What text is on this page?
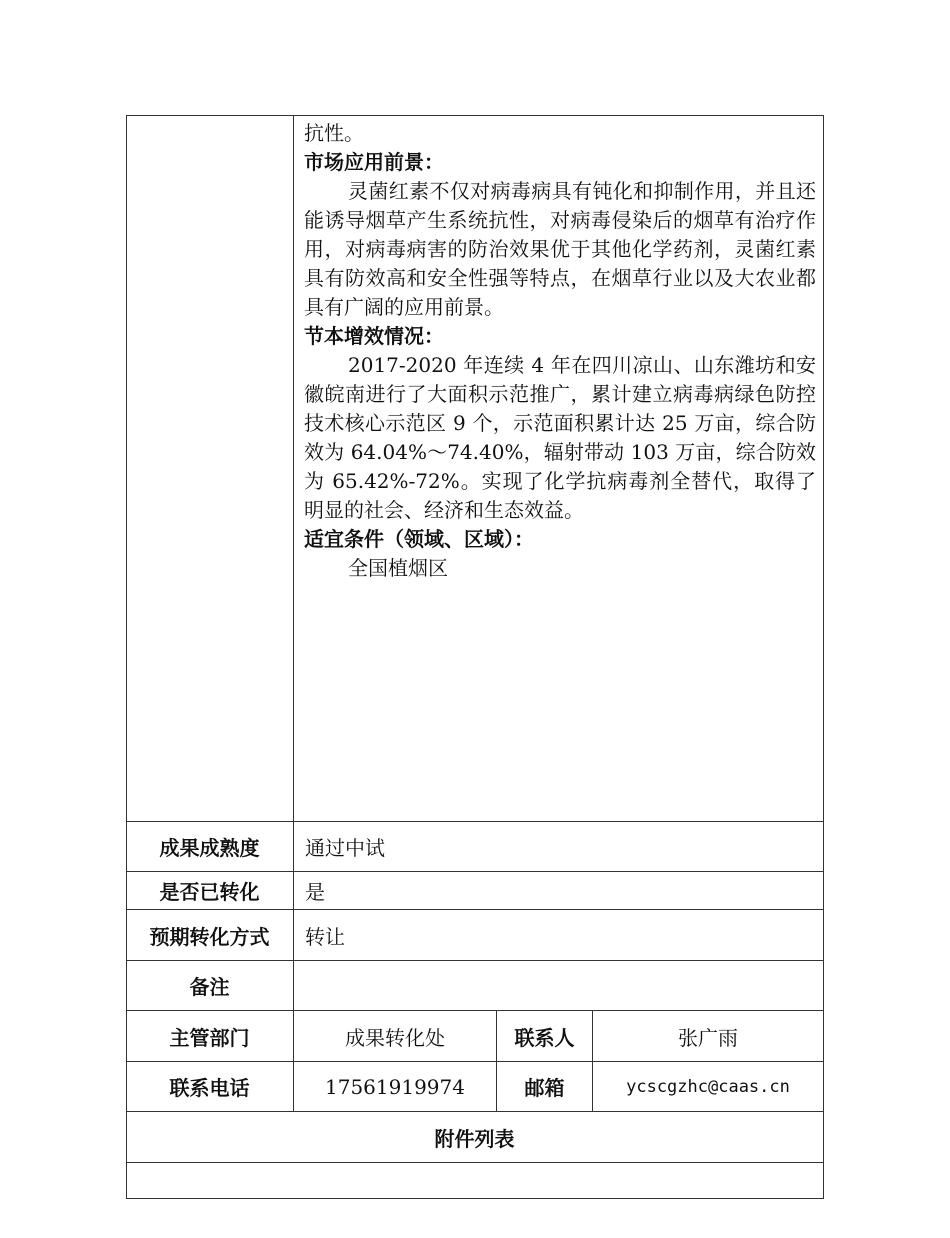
抗性。

市场应用前景：

灵菌红素不仅对病毒病具有钝化和抑制作用，并且还能诱导烟草产生系统抗性，对病毒侵染后的烟草有治疗作用，对病毒病害的防治效果优于其他化学药剂，灵菌红素具有防效高和安全性强等特点，在烟草行业以及大农业都具有广阔的应用前景。

节本增效情况：

2017-2020 年连续 4 年在四川凉山、山东潍坊和安徽皖南进行了大面积示范推广，累计建立病毒病绿色防控技术核心示范区 9 个，示范面积累计达 25 万亩，综合防效为 64.04%～74.40%，辐射带动 103 万亩，综合防效为 65.42%-72%。实现了化学抗病毒剂全替代，取得了明显的社会、经济和生态效益。

适宜条件（领域、区域）：

全国植烟区

成果成熟度	通过中试
是否已转化	是
预期转化方式	转让
备注
主管部门	成果转化处	联系人	张广雨
联系电话	17561919974	邮箱	ycscgzhc@caas.cn
附件列表
